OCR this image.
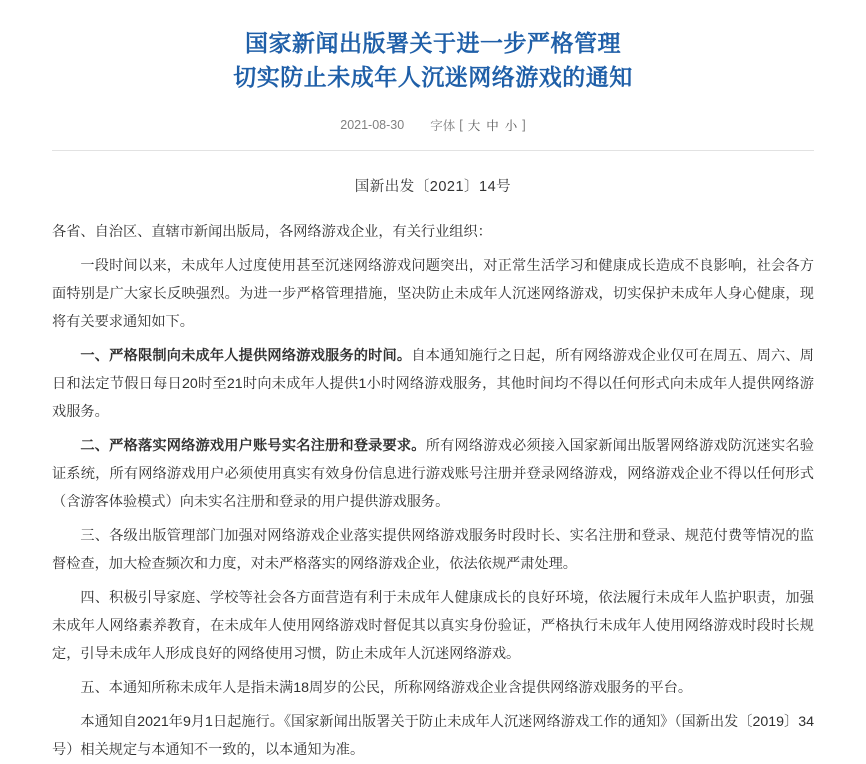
国家新闻出版署关于进一步严格管理
切实防止未成年人沉迷网络游戏的通知
2021-08-30 字体 [ 大 中 小 ]
国新出发〔2021〕14号

各省、自治区、直辖市新闻出版局，各网络游戏企业，有关行业组织：

一段时间以来，未成年人过度使用甚至沉迷网络游戏问题突出，对正常生活学习和健康成长造成不良影响，社会各方面特别是广大家长反映强烈。为进一步严格管理措施，坚决防止未成年人沉迷网络游戏，切实保护未成年人身心健康，现将有关要求通知如下。

一、严格限制向未成年人提供网络游戏服务的时间。自本通知施行之日起，所有网络游戏企业仅可在周五、周六、周日和法定节假日每日20时至21时向未成年人提供1小时网络游戏服务，其他时间均不得以任何形式向未成年人提供网络游戏服务。

二、严格落实网络游戏用户账号实名注册和登录要求。所有网络游戏必须接入国家新闻出版署网络游戏防沉迷实名验证系统，所有网络游戏用户必须使用真实有效身份信息进行游戏账号注册并登录网络游戏，网络游戏企业不得以任何形式（含游客体验模式）向未实名注册和登录的用户提供游戏服务。

三、各级出版管理部门加强对网络游戏企业落实提供网络游戏服务时段时长、实名注册和登录、规范付费等情况的监督检查，加大检查频次和力度，对未严格落实的网络游戏企业，依法依规严肃处理。

四、积极引导家庭、学校等社会各方面营造有利于未成年人健康成长的良好环境，依法履行未成年人监护职责，加强未成年人网络素养教育，在未成年人使用网络游戏时督促其以真实身份验证，严格执行未成年人使用网络游戏时段时长规定，引导未成年人形成良好的网络使用习惯，防止未成年人沉迷网络游戏。

五、本通知所称未成年人是指未满18周岁的公民，所称网络游戏企业含提供网络游戏服务的平台。

本通知自2021年9月1日起施行。《国家新闻出版署关于防止未成年人沉迷网络游戏工作的通知》（国新出发〔2019〕34号）相关规定与本通知不一致的，以本通知为准。
